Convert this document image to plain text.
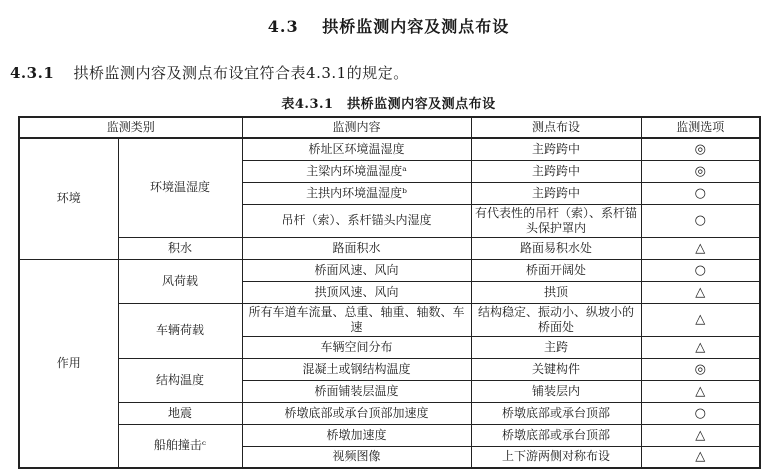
4.3　 拱桥监测内容及测点布设
4.3.1 拱桥监测内容及测点布设宜符合表4.3.1的规定。
表4.3.1　拱桥监测内容及测点布设
监测类别		监测内容	测点布设	监测选项
环境	环境温湿度	桥址区环境温湿度	主跨跨中	◎
		主梁内环境温湿度ᵃ	主跨跨中	◎
		主拱内环境温湿度ᵇ	主跨跨中	○
		吊杆（索）、系杆锚头内湿度	有代表性的吊杆（索）、系杆锚头保护罩内	○
	积水	路面积水	路面易积水处	△
作用	风荷载	桥面风速、风向	桥面开阔处	○
		拱顶风速、风向	拱顶	△
	车辆荷载	所有车道车流量、总重、轴重、轴数、车速	结构稳定、振动小、纵坡小的桥面处	△
		车辆空间分布	主跨	△
	结构温度	混凝土或钢结构温度	关键构件	◎
		桥面铺装层温度	铺装层内	△
	地震	桥墩底部或承台顶部加速度	桥墩底部或承台顶部	○
	船舶撞击ᶜ	桥墩加速度	桥墩底部或承台顶部	△
		视频图像	上下游两侧对称布设	△
